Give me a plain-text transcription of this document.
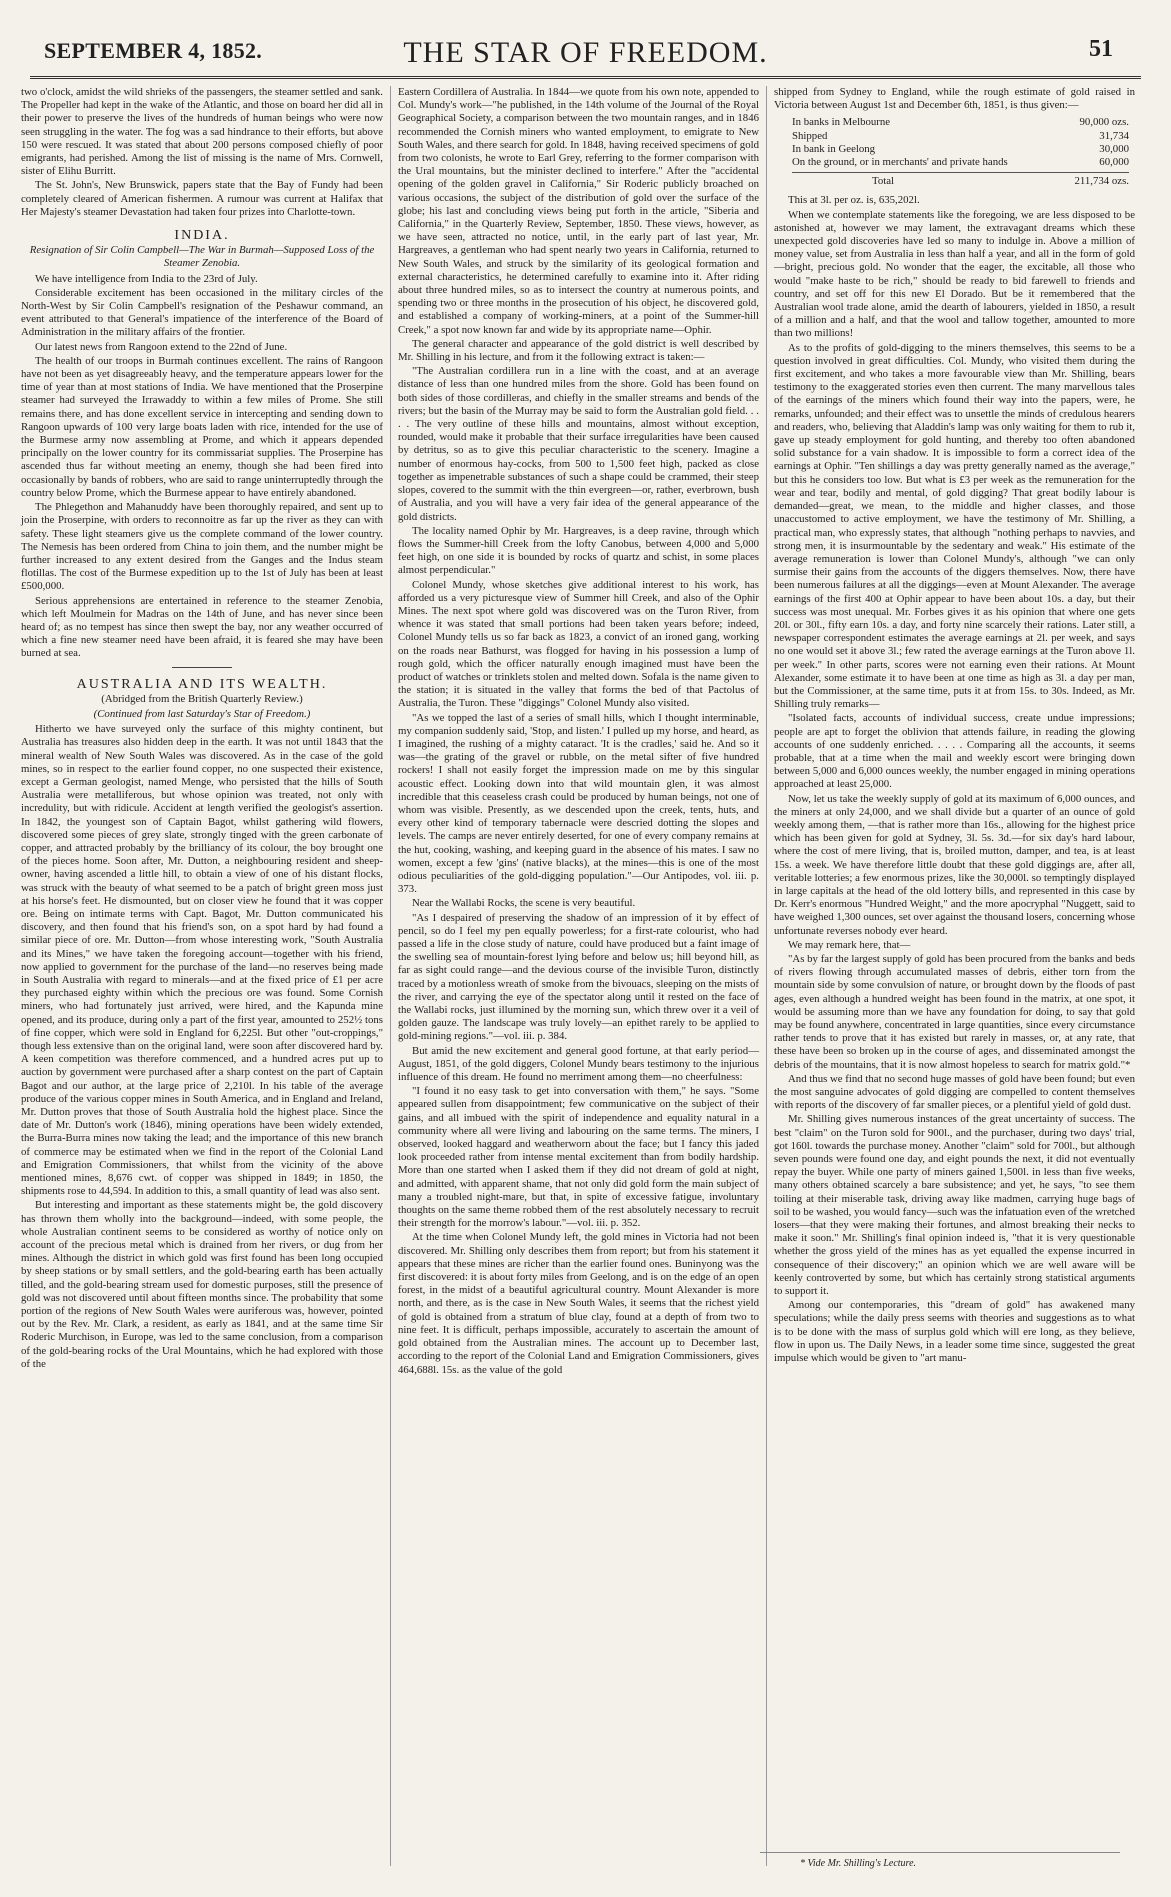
SEPTEMBER 4, 1852.	THE STAR OF FREEDOM.	51

two o'clock, amidst the wild shrieks of the passengers, the steamer settled and sank. The Propeller had kept in the wake of the Atlantic, and those on board her did all in their power to preserve the lives of the hundreds of human beings who were now seen struggling in the water. The fog was a sad hindrance to their efforts, but above 150 were rescued. It was stated that about 200 persons composed chiefly of poor emigrants, had perished. Among the list of missing is the name of Mrs. Cornwell, sister of Elihu Burritt.

The St. John's, New Brunswick, papers state that the Bay of Fundy had been completely cleared of American fishermen. A rumour was current at Halifax that Her Majesty's steamer Devastation had taken four prizes into Charlotte-town.

INDIA.

Resignation of Sir Colin Campbell—The War in Burmah—Supposed Loss of the Steamer Zenobia.

We have intelligence from India to the 23rd of July.

Considerable excitement has been occasioned in the military circles of the North-West by Sir Colin Campbell's resignation of the Peshawur command, an event attributed to that General's impatience of the interference of the Board of Administration in the military affairs of the frontier.

Our latest news from Rangoon extend to the 22nd of June.

The health of our troops in Burmah continues excellent. The rains of Rangoon have not been as yet disagreeably heavy, and the temperature appears lower for the time of year than at most stations of India. We have mentioned that the Proserpine steamer had surveyed the Irrawaddy to within a few miles of Prome. She still remains there, and has done excellent service in intercepting and sending down to Rangoon upwards of 100 very large boats laden with rice, intended for the use of the Burmese army now assembling at Prome, and which it appears depended principally on the lower country for its commissariat supplies. The Proserpine has ascended thus far without meeting an enemy, though she had been fired into occasionally by bands of robbers, who are said to range uninterruptedly through the country below Prome, which the Burmese appear to have entirely abandoned.

The Phlegethon and Mahanuddy have been thoroughly repaired, and sent up to join the Proserpine, with orders to reconnoitre as far up the river as they can with safety. These light steamers give us the complete command of the lower country. The Nemesis has been ordered from China to join them, and the number might be further increased to any extent desired from the Ganges and the Indus steam flotillas. The cost of the Burmese expedition up to the 1st of July has been at least £500,000.

Serious apprehensions are entertained in reference to the steamer Zenobia, which left Moulmein for Madras on the 14th of June, and has never since been heard of; as no tempest has since then swept the bay, nor any weather occurred of which a fine new steamer need have been afraid, it is feared she may have been burned at sea.

AUSTRALIA AND ITS WEALTH.

(Abridged from the British Quarterly Review.)

(Continued from last Saturday's Star of Freedom.)

Hitherto we have surveyed only the surface of this mighty continent, but Australia has treasures also hidden deep in the earth. It was not until 1843 that the mineral wealth of New South Wales was discovered. As in the case of the gold mines, so in respect to the earlier found copper, no one suspected their existence, except a German geologist, named Menge, who persisted that the hills of South Australia were metalliferous, but whose opinion was treated, not only with incredulity, but with ridicule. Accident at length verified the geologist's assertion. In 1842, the youngest son of Captain Bagot, whilst gathering wild flowers, discovered some pieces of grey slate, strongly tinged with the green carbonate of copper, and attracted probably by the brilliancy of its colour, the boy brought one of the pieces home. Soon after, Mr. Dutton, a neighbouring resident and sheep-owner, having ascended a little hill, to obtain a view of one of his distant flocks, was struck with the beauty of what seemed to be a patch of bright green moss just at his horse's feet. He dismounted, but on closer view he found that it was copper ore. Being on intimate terms with Capt. Bagot, Mr. Dutton communicated his discovery, and then found that his friend's son, on a spot hard by had found a similar piece of ore. Mr. Dutton—from whose interesting work, "South Australia and its Mines," we have taken the foregoing account—together with his friend, now applied to government for the purchase of the land—no reserves being made in South Australia with regard to minerals—and at the fixed price of £1 per acre they purchased eighty within which the precious ore was found. Some Cornish miners, who had fortunately just arrived, were hired, and the Kapunda mine opened, and its produce, during only a part of the first year, amounted to 252½ tons of fine copper, which were sold in England for 6,225l. But other "out-croppings," though less extensive than on the original land, were soon after discovered hard by. A keen competition was therefore commenced, and a hundred acres put up to auction by government were purchased after a sharp contest on the part of Captain Bagot and our author, at the large price of 2,210l. In his table of the average produce of the various copper mines in South America, and in England and Ireland, Mr. Dutton proves that those of South Australia hold the highest place. Since the date of Mr. Dutton's work (1846), mining operations have been widely extended, the Burra-Burra mines now taking the lead; and the importance of this new branch of commerce may be estimated when we find in the report of the Colonial Land and Emigration Commissioners, that whilst from the vicinity of the above mentioned mines, 8,676 cwt. of copper was shipped in 1849; in 1850, the shipments rose to 44,594. In addition to this, a small quantity of lead was also sent.

But interesting and important as these statements might be, the gold discovery has thrown them wholly into the background—indeed, with some people, the whole Australian continent seems to be considered as worthy of notice only on account of the precious metal which is drained from her rivers, or dug from her mines. Although the district in which gold was first found has been long occupied by sheep stations or by small settlers, and the gold-bearing earth has been actually tilled, and the gold-bearing stream used for domestic purposes, still the presence of gold was not discovered until about fifteen months since. The probability that some portion of the regions of New South Wales were auriferous was, however, pointed out by the Rev. Mr. Clark, a resident, as early as 1841, and at the same time Sir Roderic Murchison, in Europe, was led to the same conclusion, from a comparison of the gold-bearing rocks of the Ural Mountains, which he had explored with those of the

Eastern Cordillera of Australia. In 1844—we quote from his own note, appended to Col. Mundy's work—"he published, in the 14th volume of the Journal of the Royal Geographical Society, a comparison between the two mountain ranges, and in 1846 recommended the Cornish miners who wanted employment, to emigrate to New South Wales, and there search for gold. In 1848, having received specimens of gold from two colonists, he wrote to Earl Grey, referring to the former comparison with the Ural mountains, but the minister declined to interfere." After the "accidental opening of the golden gravel in California," Sir Roderic publicly broached on various occasions, the subject of the distribution of gold over the surface of the globe; his last and concluding views being put forth in the article, "Siberia and California," in the Quarterly Review, September, 1850. These views, however, as we have seen, attracted no notice, until, in the early part of last year, Mr. Hargreaves, a gentleman who had spent nearly two years in California, returned to New South Wales, and struck by the similarity of its geological formation and external characteristics, he determined carefully to examine into it. After riding about three hundred miles, so as to intersect the country at numerous points, and spending two or three months in the prosecution of his object, he discovered gold, and established a company of working-miners, at a point of the Summer-hill Creek," a spot now known far and wide by its appropriate name—Ophir.

The general character and appearance of the gold district is well described by Mr. Shilling in his lecture, and from it the following extract is taken:—

"The Australian cordillera run in a line with the coast, and at an average distance of less than one hundred miles from the shore. Gold has been found on both sides of those cordilleras, and chiefly in the smaller streams and bends of the rivers; but the basin of the Murray may be said to form the Australian gold field. . . . . The very outline of these hills and mountains, almost without exception, rounded, would make it probable that their surface irregularities have been caused by detritus, so as to give this peculiar characteristic to the scenery. Imagine a number of enormous hay-cocks, from 500 to 1,500 feet high, packed as close together as impenetrable substances of such a shape could be crammed, their steep slopes, covered to the summit with the thin evergreen—or, rather, everbrown, bush of Australia, and you will have a very fair idea of the general appearance of the gold districts.

The locality named Ophir by Mr. Hargreaves, is a deep ravine, through which flows the Summer-hill Creek from the lofty Canobus, between 4,000 and 5,000 feet high, on one side it is bounded by rocks of quartz and schist, in some places almost perpendicular."

Colonel Mundy, whose sketches give additional interest to his work, has afforded us a very picturesque view of Summer hill Creek, and also of the Ophir Mines. The next spot where gold was discovered was on the Turon River, from whence it was stated that small portions had been taken years before; indeed, Colonel Mundy tells us so far back as 1823, a convict of an ironed gang, working on the roads near Bathurst, was flogged for having in his possession a lump of rough gold, which the officer naturally enough imagined must have been the product of watches or trinklets stolen and melted down. Sofala is the name given to the station; it is situated in the valley that forms the bed of that Pactolus of Australia, the Turon. These "diggings" Colonel Mundy also visited.

"As we topped the last of a series of small hills, which I thought interminable, my companion suddenly said, 'Stop, and listen.' I pulled up my horse, and heard, as I imagined, the rushing of a mighty cataract. 'It is the cradles,' said he. And so it was—the grating of the gravel or rubble, on the metal sifter of five hundred rockers! I shall not easily forget the impression made on me by this singular acoustic effect. Looking down into that wild mountain glen, it was almost incredible that this ceaseless crash could be produced by human beings, not one of whom was visible. Presently, as we descended upon the creek, tents, huts, and every other kind of temporary tabernacle were descried dotting the slopes and levels. The camps are never entirely deserted, for one of every company remains at the hut, cooking, washing, and keeping guard in the absence of his mates. I saw no women, except a few 'gins' (native blacks), at the mines—this is one of the most odious peculiarities of the gold-digging population."—Our Antipodes, vol. iii. p. 373.

Near the Wallabi Rocks, the scene is very beautiful.

"As I despaired of preserving the shadow of an impression of it by effect of pencil, so do I feel my pen equally powerless; for a first-rate colourist, who had passed a life in the close study of nature, could have produced but a faint image of the swelling sea of mountain-forest lying before and below us; hill beyond hill, as far as sight could range—and the devious course of the invisible Turon, distinctly traced by a motionless wreath of smoke from the bivouacs, sleeping on the mists of the river, and carrying the eye of the spectator along until it rested on the face of the Wallabi rocks, just illumined by the morning sun, which threw over it a veil of golden gauze. The landscape was truly lovely—an epithet rarely to be applied to gold-mining regions."—vol. iii. p. 384.

But amid the new excitement and general good fortune, at that early period—August, 1851, of the gold diggers, Colonel Mundy bears testimony to the injurious influence of this dream. He found no merriment among them—no cheerfulness:

"I found it no easy task to get into conversation with them," he says. "Some appeared sullen from disappointment; few communicative on the subject of their gains, and all imbued with the spirit of independence and equality natural in a community where all were living and labouring on the same terms. The miners, I observed, looked haggard and weatherworn about the face; but I fancy this jaded look proceeded rather from intense mental excitement than from bodily hardship. More than one started when I asked them if they did not dream of gold at night, and admitted, with apparent shame, that not only did gold form the main subject of many a troubled night-mare, but that, in spite of excessive fatigue, involuntary thoughts on the same theme robbed them of the rest absolutely necessary to recruit their strength for the morrow's labour."—vol. iii. p. 352.

At the time when Colonel Mundy left, the gold mines in Victoria had not been discovered. Mr. Shilling only describes them from report; but from his statement it appears that these mines are richer than the earlier found ones. Buninyong was the first discovered: it is about forty miles from Geelong, and is on the edge of an open forest, in the midst of a beautiful agricultural country. Mount Alexander is more north, and there, as is the case in New South Wales, it seems that the richest yield of gold is obtained from a stratum of blue clay, found at a depth of from two to nine feet. It is difficult, perhaps impossible, accurately to ascertain the amount of gold obtained from the Australian mines. The account up to December last, according to the report of the Colonial Land and Emigration Commissioners, gives 464,688l. 15s. as the value of the gold

shipped from Sydney to England, while the rough estimate of gold raised in Victoria between August 1st and December 6th, 1851, is thus given:—

In banks in Melbourne	90,000 ozs.
Shipped	31,734
In bank in Geelong	30,000
On the ground, or in merchants' and private hands	60,000
Total	211,734 ozs.

This at 3l. per oz. is, 635,202l.

When we contemplate statements like the foregoing, we are less disposed to be astonished at, however we may lament, the extravagant dreams which these unexpected gold discoveries have led so many to indulge in. Above a million of money value, set from Australia in less than half a year, and all in the form of gold—bright, precious gold. No wonder that the eager, the excitable, all those who would "make haste to be rich," should be ready to bid farewell to friends and country, and set off for this new El Dorado. But be it remembered that the Australian wool trade alone, amid the dearth of labourers, yielded in 1850, a result of a million and a half, and that the wool and tallow together, amounted to more than two millions!

As to the profits of gold-digging to the miners themselves, this seems to be a question involved in great difficulties. Col. Mundy, who visited them during the first excitement, and who takes a more favourable view than Mr. Shilling, bears testimony to the exaggerated stories even then current. The many marvellous tales of the earnings of the miners which found their way into the papers, were, he remarks, unfounded; and their effect was to unsettle the minds of credulous hearers and readers, who, believing that Aladdin's lamp was only waiting for them to rub it, gave up steady employment for gold hunting, and thereby too often abandoned solid substance for a vain shadow. It is impossible to form a correct idea of the earnings at Ophir. "Ten shillings a day was pretty generally named as the average," but this he considers too low. But what is £3 per week as the remuneration for the wear and tear, bodily and mental, of gold digging? That great bodily labour is demanded—great, we mean, to the middle and higher classes, and those unaccustomed to active employment, we have the testimony of Mr. Shilling, a practical man, who expressly states, that although "nothing perhaps to navvies, and strong men, it is insurmountable by the sedentary and weak." His estimate of the average remuneration is lower than Colonel Mundy's, although "we can only surmise their gains from the accounts of the diggers themselves. Now, there have been numerous failures at all the diggings—even at Mount Alexander. The average earnings of the first 400 at Ophir appear to have been about 10s. a day, but their success was most unequal. Mr. Forbes gives it as his opinion that where one gets 20l. or 30l., fifty earn 10s. a day, and forty nine scarcely their rations. Later still, a newspaper correspondent estimates the average earnings at 2l. per week, and says no one would set it above 3l.; few rated the average earnings at the Turon above 1l. per week." In other parts, scores were not earning even their rations. At Mount Alexander, some estimate it to have been at one time as high as 3l. a day per man, but the Commissioner, at the same time, puts it at from 15s. to 30s. Indeed, as Mr. Shilling truly remarks—

"Isolated facts, accounts of individual success, create undue impressions; people are apt to forget the oblivion that attends failure, in reading the glowing accounts of one suddenly enriched. . . . . Comparing all the accounts, it seems probable, that at a time when the mail and weekly escort were bringing down between 5,000 and 6,000 ounces weekly, the number engaged in mining operations approached at least 25,000.

Now, let us take the weekly supply of gold at its maximum of 6,000 ounces, and the miners at only 24,000, and we shall divide but a quarter of an ounce of gold weekly among them, —that is rather more than 16s., allowing for the highest price which has been given for gold at Sydney, 3l. 5s. 3d.—for six day's hard labour, where the cost of mere living, that is, broiled mutton, damper, and tea, is at least 15s. a week. We have therefore little doubt that these gold diggings are, after all, veritable lotteries; a few enormous prizes, like the 30,000l. so temptingly displayed in large capitals at the head of the old lottery bills, and represented in this case by Dr. Kerr's enormous "Hundred Weight," and the more apocryphal "Nuggett, said to have weighed 1,300 ounces, set over against the thousand losers, concerning whose unfortunate reverses nobody ever heard.

We may remark here, that—

"As by far the largest supply of gold has been procured from the banks and beds of rivers flowing through accumulated masses of debris, either torn from the mountain side by some convulsion of nature, or brought down by the floods of past ages, even although a hundred weight has been found in the matrix, at one spot, it would be assuming more than we have any foundation for doing, to say that gold may be found anywhere, concentrated in large quantities, since every circumstance rather tends to prove that it has existed but rarely in masses, or, at any rate, that these have been so broken up in the course of ages, and disseminated amongst the debris of the mountains, that it is now almost hopeless to search for matrix gold."*

And thus we find that no second huge masses of gold have been found; but even the most sanguine advocates of gold digging are compelled to content themselves with reports of the discovery of far smaller pieces, or a plentiful yield of gold dust.

Mr. Shilling gives numerous instances of the great uncertainty of success. The best "claim" on the Turon sold for 900l., and the purchaser, during two days' trial, got 160l. towards the purchase money. Another "claim" sold for 700l., but although seven pounds were found one day, and eight pounds the next, it did not eventually repay the buyer. While one party of miners gained 1,500l. in less than five weeks, many others obtained scarcely a bare subsistence; and yet, he says, "to see them toiling at their miserable task, driving away like madmen, carrying huge bags of soil to be washed, you would fancy—such was the infatuation even of the wretched losers—that they were making their fortunes, and almost breaking their necks to make it soon." Mr. Shilling's final opinion indeed is, "that it is very questionable whether the gross yield of the mines has as yet equalled the expense incurred in consequence of their discovery;" an opinion which we are well aware will be keenly controverted by some, but which has certainly strong statistical arguments to support it.

Among our contemporaries, this "dream of gold" has awakened many speculations; while the daily press seems with theories and suggestions as to what is to be done with the mass of surplus gold which will ere long, as they believe, flow in upon us. The Daily News, in a leader some time since, suggested the great impulse which would be given to "art manu-

* Vide Mr. Shilling's Lecture.
